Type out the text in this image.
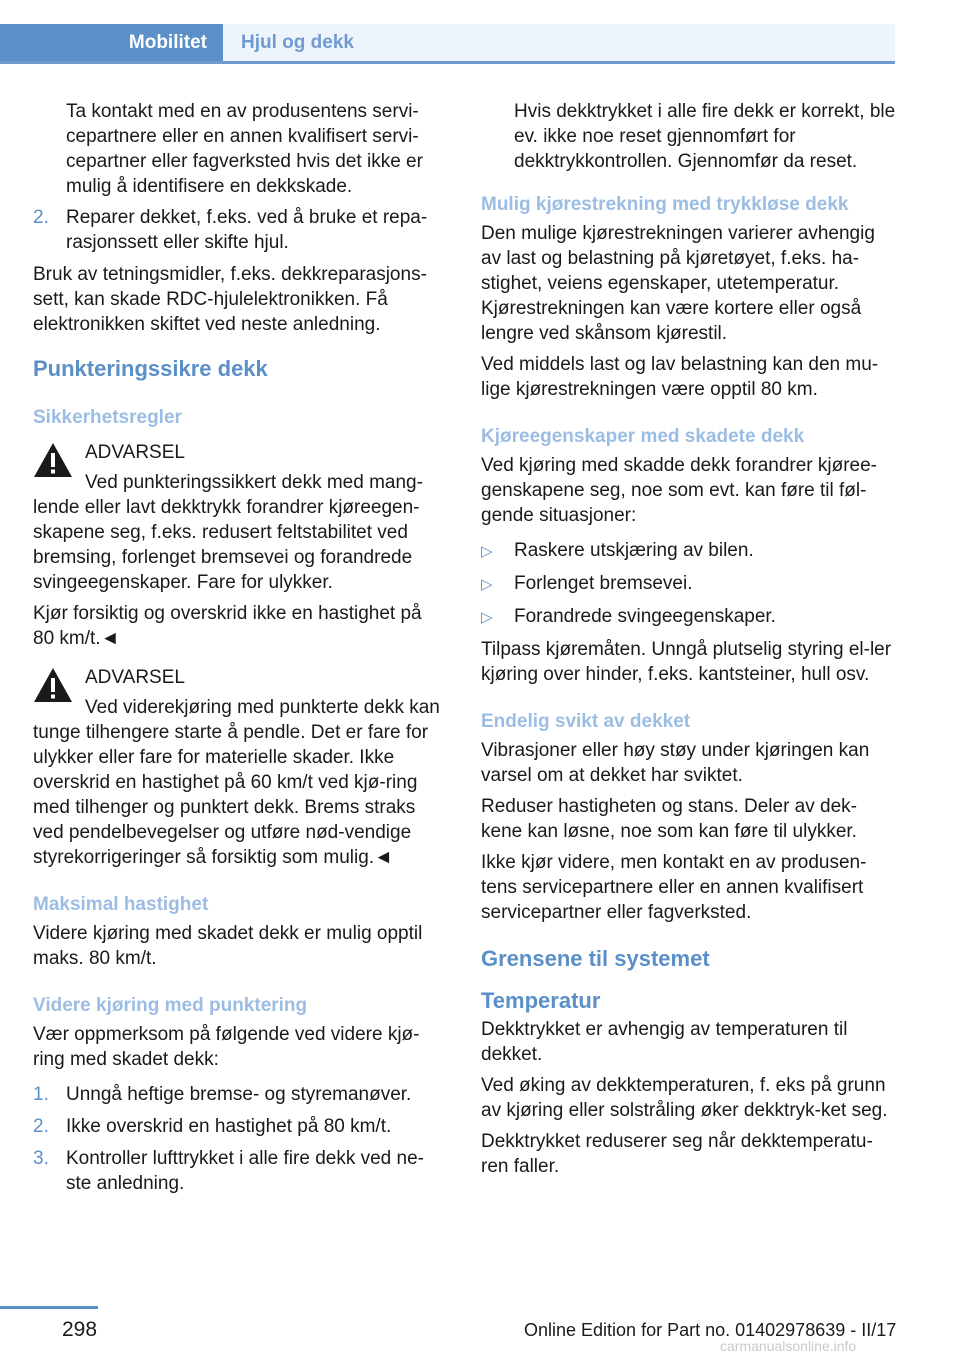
Mobilitet	Hjul og dekk

Ta kontakt med en av produsentens servi-cepartnere eller en annen kvalifisert servi-cepartner eller fagverksted hvis det ikke er mulig å identifisere en dekkskade.

2. Reparer dekket, f.eks. ved å bruke et repa-rasjonssett eller skifte hjul.

Bruk av tetningsmidler, f.eks. dekkreparasjons-sett, kan skade RDC-hjulelektronikken. Få elektronikken skiftet ved neste anledning.

Punkteringssikre dekk
Sikkerhetsregler
ADVARSEL

Ved punkteringssikkert dekk med mang-lende eller lavt dekktrykk forandrer kjøreegen-skapene seg, f.eks. redusert feltstabilitet ved bremsing, forlenget bremsevei og forandrede svingeegenskaper. Fare for ulykker.

Kjør forsiktig og overskrid ikke en hastighet på 80 km/t.◄

ADVARSEL

Ved viderekjøring med punkterte dekk kan tunge tilhengere starte å pendle. Det er fare for ulykker eller fare for materielle skader. Ikke overskrid en hastighet på 60 km/t ved kjø-ring med tilhenger og punktert dekk. Brems straks ved pendelbevegelser og utføre nød-vendige styrekorrigeringer så forsiktig som mulig.◄

Maksimal hastighet

Videre kjøring med skadet dekk er mulig opptil maks. 80 km/t.

Videre kjøring med punktering

Vær oppmerksom på følgende ved videre kjø-ring med skadet dekk:

1. Unngå heftige bremse- og styremanøver.
2. Ikke overskrid en hastighet på 80 km/t.
3. Kontroller lufttrykket i alle fire dekk ved ne-ste anledning.

Hvis dekktrykket i alle fire dekk er korrekt, ble ev. ikke noe reset gjennomført for dekktrykkontrollen. Gjennomfør da reset.

Mulig kjørestrekning med trykkløse dekk

Den mulige kjørestrekningen varierer avhengig av last og belastning på kjøretøyet, f.eks. ha-stighet, veiens egenskaper, utetemperatur. Kjørestrekningen kan være kortere eller også lengre ved skånsom kjørestil.

Ved middels last og lav belastning kan den mu-lige kjørestrekningen være opptil 80 km.

Kjøreegenskaper med skadete dekk

Ved kjøring med skadde dekk forandrer kjøree-genskapene seg, noe som evt. kan føre til føl-gende situasjoner:

▷	Raskere utskjæring av bilen.
▷	Forlenget bremsevei.
▷	Forandrede svingeegenskaper.

Tilpass kjøremåten. Unngå plutselig styring el-ler kjøring over hinder, f.eks. kantsteiner, hull osv.

Endelig svikt av dekket

Vibrasjoner eller høy støy under kjøringen kan varsel om at dekket har sviktet.

Reduser hastigheten og stans. Deler av dek-kene kan løsne, noe som kan føre til ulykker.

Ikke kjør videre, men kontakt en av produsen-tens servicepartnere eller en annen kvalifisert servicepartner eller fagverksted.

Grensene til systemet
Temperatur

Dekktrykket er avhengig av temperaturen til dekket.

Ved øking av dekktemperaturen, f. eks på grunn av kjøring eller solstråling øker dekktryk-ket seg.

Dekktrykket reduserer seg når dekktemperatu-ren faller.

298	Online Edition for Part no. 01402978639 - II/17
carmanualsonline.info
